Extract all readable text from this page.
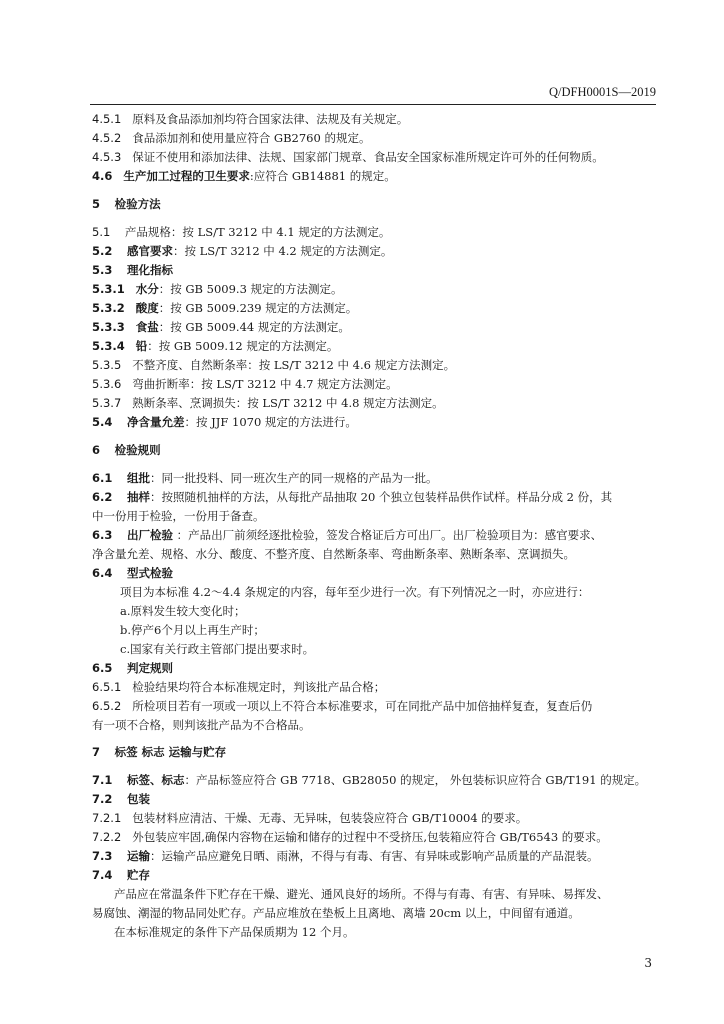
Q/DFH0001S—2019
4.5.1 原料及食品添加剂均符合国家法律、法规及有关规定。
4.5.2 食品添加剂和使用量应符合 GB2760 的规定。
4.5.3 保证不使用和添加法律、法规、国家部门规章、食品安全国家标准所规定许可外的任何物质。
4.6 生产加工过程的卫生要求:应符合 GB14881 的规定。
5 检验方法
5.1 产品规格：按 LS/T 3212 中 4.1 规定的方法测定。
5.2 感官要求：按 LS/T 3212 中 4.2 规定的方法测定。
5.3 理化指标
5.3.1 水分：按 GB 5009.3 规定的方法测定。
5.3.2 酸度：按 GB 5009.239 规定的方法测定。
5.3.3 食盐：按 GB 5009.44 规定的方法测定。
5.3.4 铅：按 GB 5009.12 规定的方法测定。
5.3.5 不整齐度、自然断条率：按 LS/T 3212 中 4.6 规定方法测定。
5.3.6 弯曲折断率：按 LS/T 3212 中 4.7 规定方法测定。
5.3.7 熟断条率、烹调损失：按 LS/T 3212 中 4.8 规定方法测定。
5.4 净含量允差：按 JJF 1070 规定的方法进行。
6 检验规则
6.1 组批：同一批投料、同一班次生产的同一规格的产品为一批。
6.2 抽样：按照随机抽样的方法，从每批产品抽取 20 个独立包装样品供作试样。样品分成 2 份，其
中一份用于检验，一份用于备查。
6.3 出厂检验 ：产品出厂前须经逐批检验，签发合格证后方可出厂。出厂检验项目为：感官要求、
净含量允差、规格、水分、酸度、不整齐度、自然断条率、弯曲断条率、熟断条率、烹调损失。
6.4 型式检验
项目为本标准 4.2～4.4 条规定的内容，每年至少进行一次。有下列情况之一时，亦应进行：
a.原料发生较大变化时；
b.停产6个月以上再生产时；
c.国家有关行政主管部门提出要求时。
6.5 判定规则
6.5.1 检验结果均符合本标准规定时，判该批产品合格；
6.5.2 所检项目若有一项或一项以上不符合本标准要求，可在同批产品中加倍抽样复查，复查后仍
有一项不合格，则判该批产品为不合格品。
7 标签 标志 运输与贮存
7.1 标签、标志：产品标签应符合 GB 7718、GB28050 的规定， 外包装标识应符合 GB/T191 的规定。
7.2 包装
7.2.1 包装材料应清洁、干燥、无毒、无异味，包装袋应符合 GB/T10004 的要求。
7.2.2 外包装应牢固,确保内容物在运输和储存的过程中不受挤压,包装箱应符合 GB/T6543 的要求。
7.3 运输：运输产品应避免日晒、雨淋，不得与有毒、有害、有异味或影响产品质量的产品混装。
7.4 贮存
产品应在常温条件下贮存在干燥、避光、通风良好的场所。不得与有毒、有害、有异味、易挥发、
易腐蚀、潮湿的物品同处贮存。产品应堆放在垫板上且离地、离墙 20cm 以上，中间留有通道。
在本标准规定的条件下产品保质期为 12 个月。
3
